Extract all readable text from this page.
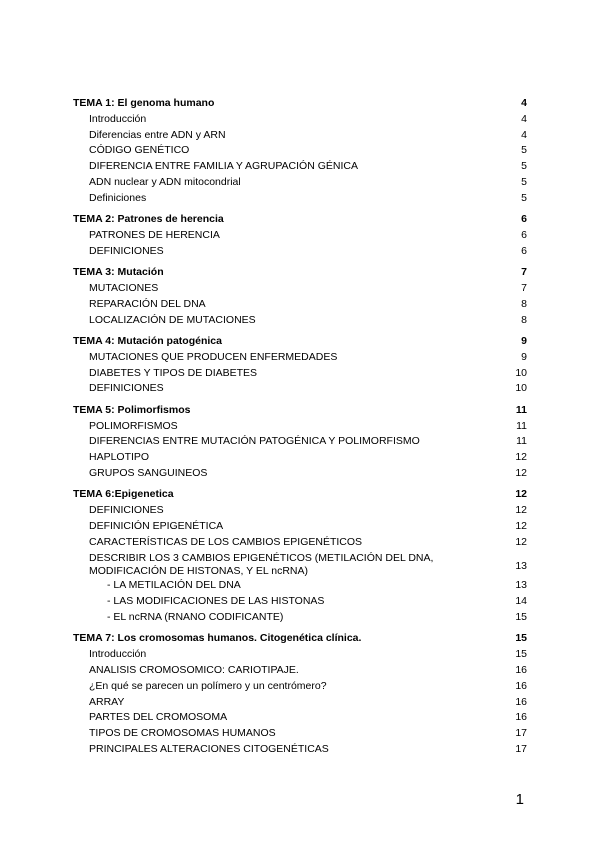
TEMA 1: El genoma humano	4
Introducción	4
Diferencias entre ADN y ARN	4
CÓDIGO GENÉTICO	5
DIFERENCIA ENTRE FAMILIA Y AGRUPACIÓN GÉNICA	5
ADN nuclear y ADN mitocondrial	5
Definiciones	5
TEMA 2: Patrones de herencia	6
PATRONES DE HERENCIA	6
DEFINICIONES	6
TEMA 3: Mutación	7
MUTACIONES	7
REPARACIÓN DEL DNA	8
LOCALIZACIÓN DE MUTACIONES	8
TEMA 4: Mutación patogénica	9
MUTACIONES QUE PRODUCEN ENFERMEDADES	9
DIABETES Y TIPOS DE DIABETES	10
DEFINICIONES	10
TEMA 5: Polimorfismos	11
POLIMORFISMOS	11
DIFERENCIAS ENTRE MUTACIÓN PATOGÉNICA Y POLIMORFISMO	11
HAPLOTIPO	12
GRUPOS SANGUINEOS	12
TEMA 6:Epigenetica	12
DEFINICIONES	12
DEFINICIÓN EPIGENÉTICA	12
CARACTERÍSTICAS DE LOS CAMBIOS EPIGENÉTICOS	12
DESCRIBIR LOS 3 CAMBIOS EPIGENÉTICOS (METILACIÓN DEL DNA, MODIFICACIÓN DE HISTONAS, Y EL ncRNA)	13
- LA METILACIÓN DEL DNA	13
- LAS MODIFICACIONES DE LAS HISTONAS	14
- EL ncRNA (RNANO CODIFICANTE)	15
TEMA 7: Los cromosomas humanos. Citogenética clínica.	15
Introducción	15
ANALISIS CROMOSOMICO: CARIOTIPAJE.	16
¿En qué se parecen un polímero y un centrómero?	16
ARRAY	16
PARTES DEL CROMOSOMA	16
TIPOS DE CROMOSOMAS HUMANOS	17
PRINCIPALES ALTERACIONES CITOGENÉTICAS	17
1
